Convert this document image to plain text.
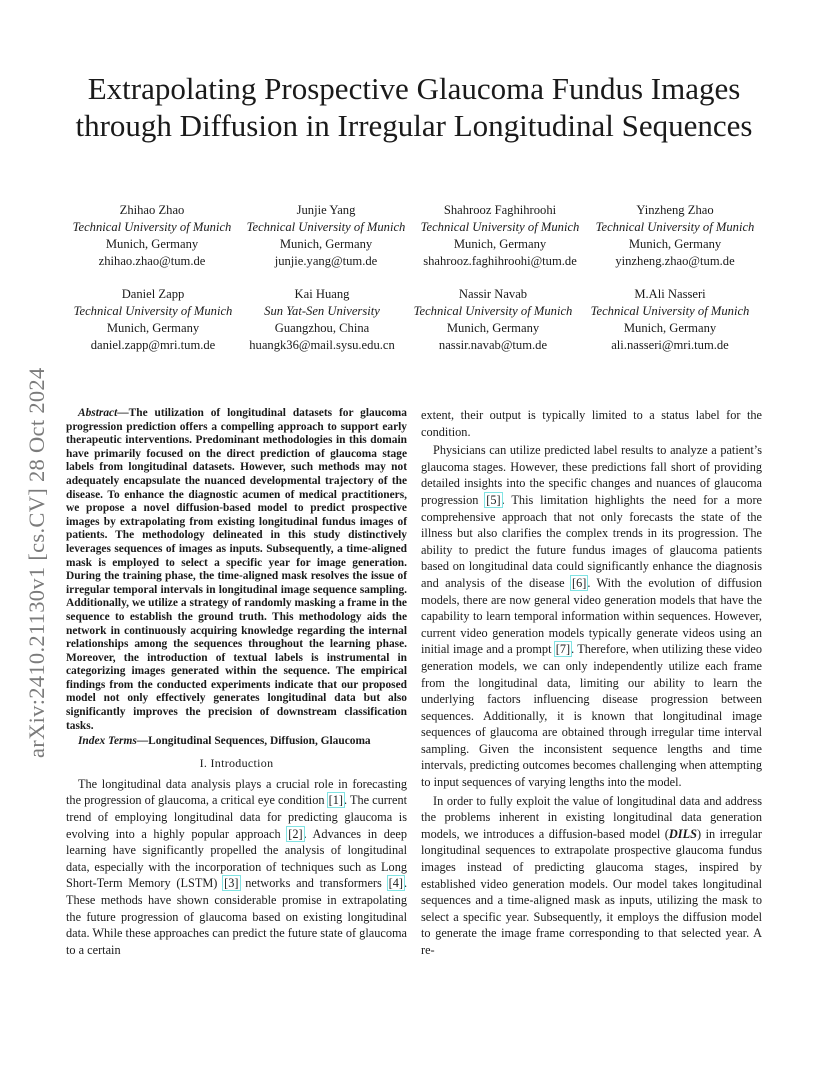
arXiv:2410.21130v1 [cs.CV] 28 Oct 2024
Extrapolating Prospective Glaucoma Fundus Images through Diffusion in Irregular Longitudinal Sequences
Zhihao Zhao
Technical University of Munich
Munich, Germany
zhihao.zhao@tum.de
Junjie Yang
Technical University of Munich
Munich, Germany
junjie.yang@tum.de
Shahrooz Faghihroohi
Technical University of Munich
Munich, Germany
shahrooz.faghihroohi@tum.de
Yinzheng Zhao
Technical University of Munich
Munich, Germany
yinzheng.zhao@tum.de
Daniel Zapp
Technical University of Munich
Munich, Germany
daniel.zapp@mri.tum.de
Kai Huang
Sun Yat-Sen University
Guangzhou, China
huangk36@mail.sysu.edu.cn
Nassir Navab
Technical University of Munich
Munich, Germany
nassir.navab@tum.de
M.Ali Nasseri
Technical University of Munich
Munich, Germany
ali.nasseri@mri.tum.de

Abstract—The utilization of longitudinal datasets for glaucoma progression prediction offers a compelling approach to support early therapeutic interventions. Predominant methodologies in this domain have primarily focused on the direct prediction of glaucoma stage labels from longitudinal datasets. However, such methods may not adequately encapsulate the nuanced developmental trajectory of the disease. To enhance the diagnostic acumen of medical practitioners, we propose a novel diffusion-based model to predict prospective images by extrapolating from existing longitudinal fundus images of patients. The methodology delineated in this study distinctively leverages sequences of images as inputs. Subsequently, a time-aligned mask is employed to select a specific year for image generation. During the training phase, the time-aligned mask resolves the issue of irregular temporal intervals in longitudinal image sequence sampling. Additionally, we utilize a strategy of randomly masking a frame in the sequence to establish the ground truth. This methodology aids the network in continuously acquiring knowledge regarding the internal relationships among the sequences throughout the learning phase. Moreover, the introduction of textual labels is instrumental in categorizing images generated within the sequence. The empirical findings from the conducted experiments indicate that our proposed model not only effectively generates longitudinal data but also significantly improves the precision of downstream classification tasks.

Index Terms—Longitudinal Sequences, Diffusion, Glaucoma

I. Introduction

The longitudinal data analysis plays a crucial role in forecasting the progression of glaucoma, a critical eye condition [1]. The current trend of employing longitudinal data for predicting glaucoma is evolving into a highly popular approach [2]. Advances in deep learning have significantly propelled the analysis of longitudinal data, especially with the incorporation of techniques such as Long Short-Term Memory (LSTM) [3] networks and transformers [4]. These methods have shown considerable promise in extrapolating the future progression of glaucoma based on existing longitudinal data. While these approaches can predict the future state of glaucoma to a certain

extent, their output is typically limited to a status label for the condition.

Physicians can utilize predicted label results to analyze a patient’s glaucoma stages. However, these predictions fall short of providing detailed insights into the specific changes and nuances of glaucoma progression [5]. This limitation highlights the need for a more comprehensive approach that not only forecasts the state of the illness but also clarifies the complex trends in its progression. The ability to predict the future fundus images of glaucoma patients based on longitudinal data could significantly enhance the diagnosis and analysis of the disease [6]. With the evolution of diffusion models, there are now general video generation models that have the capability to learn temporal information within sequences. However, current video generation models typically generate videos using an initial image and a prompt [7]. Therefore, when utilizing these video generation models, we can only independently utilize each frame from the longitudinal data, limiting our ability to learn the underlying factors influencing disease progression between sequences. Additionally, it is known that longitudinal image sequences of glaucoma are obtained through irregular time interval sampling. Given the inconsistent sequence lengths and time intervals, predicting outcomes becomes challenging when attempting to input sequences of varying lengths into the model.

In order to fully exploit the value of longitudinal data and address the problems inherent in existing longitudinal data generation models, we introduces a diffusion-based model (DILS) in irregular longitudinal sequences to extrapolate prospective glaucoma fundus images instead of predicting glaucoma stages, inspired by established video generation models. Our model takes longitudinal sequences and a time-aligned mask as inputs, utilizing the mask to select a specific year. Subsequently, it employs the diffusion model to generate the image frame corresponding to that selected year. A re-
